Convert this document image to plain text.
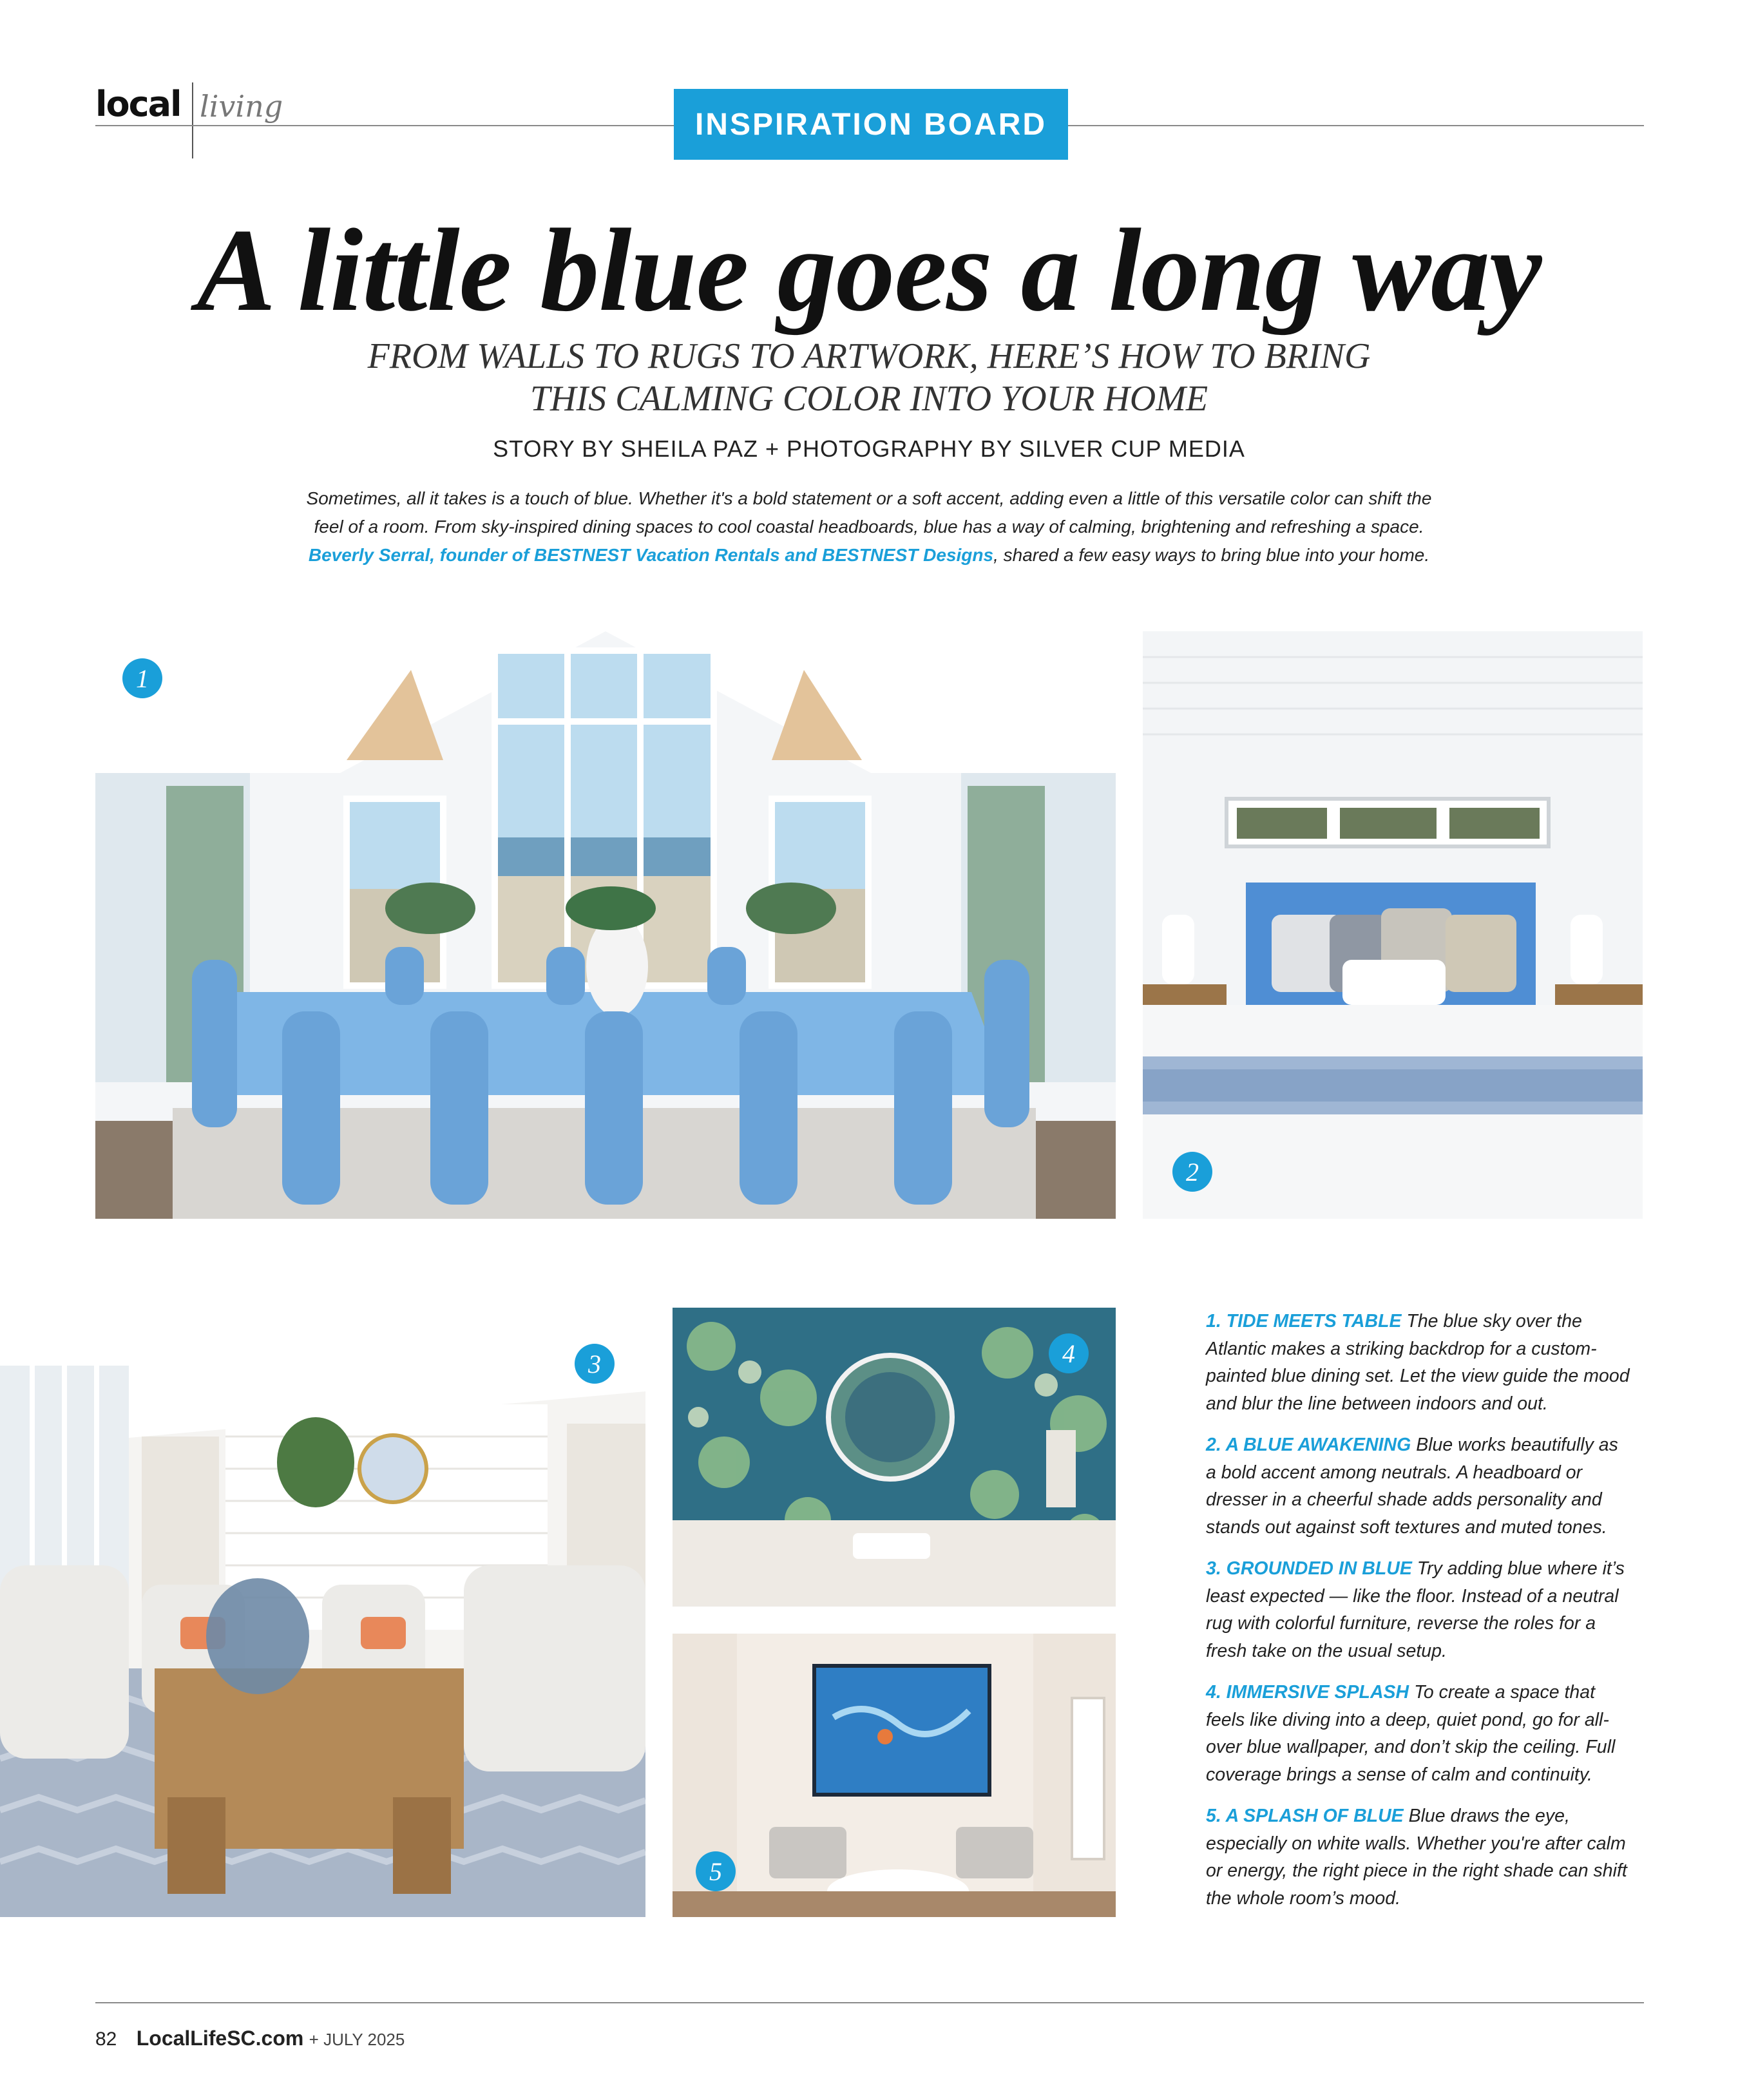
local living
INSPIRATION BOARD
A little blue goes a long way
FROM WALLS TO RUGS TO ARTWORK, HERE’S HOW TO BRING
THIS CALMING COLOR INTO YOUR HOME
STORY BY SHEILA PAZ + PHOTOGRAPHY BY SILVER CUP MEDIA
Sometimes, all it takes is a touch of blue. Whether it's a bold statement or a soft accent, adding even a little of this versatile color can shift the
feel of a room. From sky-inspired dining spaces to cool coastal headboards, blue has a way of calming, brightening and refreshing a space.
Beverly Serral, founder of BESTNEST Vacation Rentals and BESTNEST Designs, shared a few easy ways to bring blue into your home.
1
2
3	4
5

1. TIDE MEETS TABLE The blue sky over the Atlantic makes a striking backdrop for a custom-painted blue dining set. Let the view guide the mood and blur the line between indoors and out.

2. A BLUE AWAKENING Blue works beautifully as a bold accent among neutrals. A headboard or dresser in a cheerful shade adds personality and stands out against soft textures and muted tones.

3. GROUNDED IN BLUE Try adding blue where it’s least expected — like the floor. Instead of a neutral rug with colorful furniture, reverse the roles for a fresh take on the usual setup.

4. IMMERSIVE SPLASH To create a space that feels like diving into a deep, quiet pond, go for all-over blue wallpaper, and don’t skip the ceiling. Full coverage brings a sense of calm and continuity.

5. A SPLASH OF BLUE Blue draws the eye, especially on white walls. Whether you're after calm or energy, the right piece in the right shade can shift the whole room’s mood.

82 LocalLifeSC.com + JULY 2025
